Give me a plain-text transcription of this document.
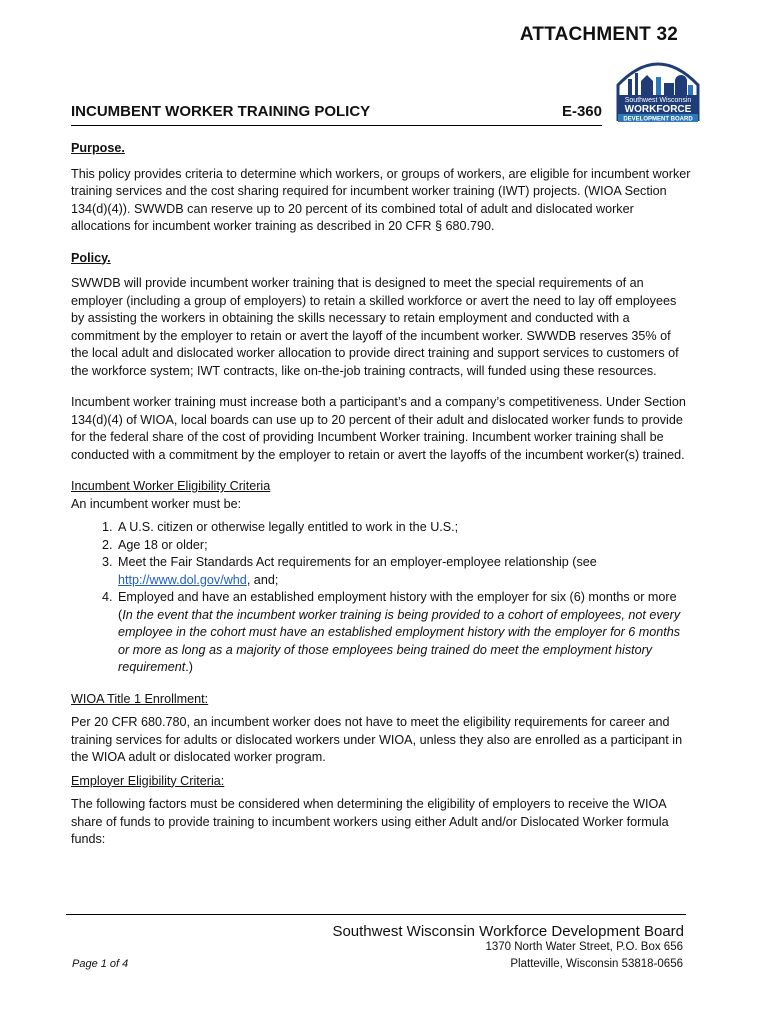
ATTACHMENT 32
Southwest Wisconsin
WORKFORCE
DEVELOPMENT BOARD
INCUMBENT WORKER TRAINING POLICY	E-360
Purpose.

This policy provides criteria to determine which workers, or groups of workers, are eligible for incumbent worker training services and the cost sharing required for incumbent worker training (IWT) projects. (WIOA Section 134(d)(4)). SWWDB can reserve up to 20 percent of its combined total of adult and dislocated worker allocations for incumbent worker training as described in 20 CFR § 680.790.

Policy.

SWWDB will provide incumbent worker training that is designed to meet the special requirements of an employer (including a group of employers) to retain a skilled workforce or avert the need to lay off employees by assisting the workers in obtaining the skills necessary to retain employment and conducted with a commitment by the employer to retain or avert the layoff of the incumbent worker. SWWDB reserves 35% of the local adult and dislocated worker allocation to provide direct training and support services to customers of the workforce system; IWT contracts, like on-the-job training contracts, will funded using these resources.

Incumbent worker training must increase both a participant’s and a company’s competitiveness. Under Section 134(d)(4) of WIOA, local boards can use up to 20 percent of their adult and dislocated worker funds to provide for the federal share of the cost of providing Incumbent Worker training. Incumbent worker training shall be conducted with a commitment by the employer to retain or avert the layoffs of the incumbent worker(s) trained.

Incumbent Worker Eligibility Criteria
An incumbent worker must be:
1. A U.S. citizen or otherwise legally entitled to work in the U.S.;
2. Age 18 or older;
3. Meet the Fair Standards Act requirements for an employer-employee relationship (see http://www.dol.gov/whd, and;
4. Employed and have an established employment history with the employer for six (6) months or more (In the event that the incumbent worker training is being provided to a cohort of employees, not every employee in the cohort must have an established employment history with the employer for 6 months or more as long as a majority of those employees being trained do meet the employment history requirement.)
WIOA Title 1 Enrollment:

Per 20 CFR 680.780, an incumbent worker does not have to meet the eligibility requirements for career and training services for adults or dislocated workers under WIOA, unless they also are enrolled as a participant in the WIOA adult or dislocated worker program.

Employer Eligibility Criteria:

The following factors must be considered when determining the eligibility of employers to receive the WIOA share of funds to provide training to incumbent workers using either Adult and/or Dislocated Worker formula funds:

Southwest Wisconsin Workforce Development Board
1370 North Water Street, P.O. Box 656
Platteville, Wisconsin 53818-0656
Page 1 of 4
